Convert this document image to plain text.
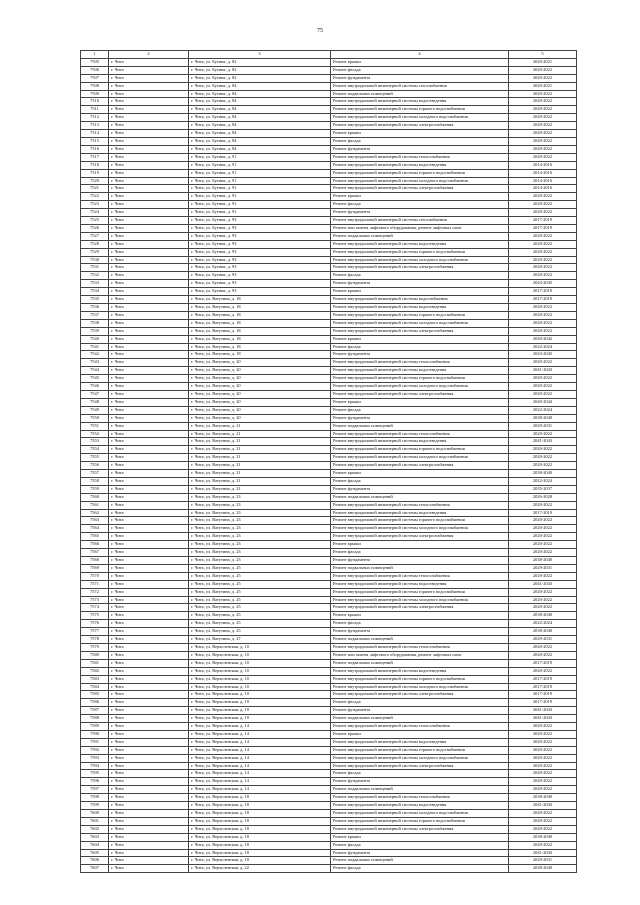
75
1	2	3	4	5
7505	г. Чита	г. Чита, ул. Бутина, д. 82	Ремонт крыши	2020-2021
7506	г. Чита	г. Чита, ул. Бутина, д. 82	Ремонт фасада	2020-2022
7507	г. Чита	г. Чита, ул. Бутина, д. 82	Ремонт фундамента	2020-2022
7508	г. Чита	г. Чита, ул. Бутина, д. 84	Ремонт внутридомовой инженерной системы газоснабжения	2020-2021
7509	г. Чита	г. Чита, ул. Бутина, д. 84	Ремонт подвальных помещений	2020-2022
7510	г. Чита	г. Чита, ул. Бутина, д. 84	Ремонт внутридомовой инженерной системы водоотведения	2020-2022
7511	г. Чита	г. Чита, ул. Бутина, д. 84	Ремонт внутридомовой инженерной системы горячего водоснабжения	2020-2022
7512	г. Чита	г. Чита, ул. Бутина, д. 84	Ремонт внутридомовой инженерной системы холодного водоснабжения	2020-2022
7513	г. Чита	г. Чита, ул. Бутина, д. 84	Ремонт внутридомовой инженерной системы электроснабжения	2020-2022
7514	г. Чита	г. Чита, ул. Бутина, д. 84	Ремонт крыши	2020-2022
7515	г. Чита	г. Чита, ул. Бутина, д. 84	Ремонт фасада	2020-2022
7516	г. Чита	г. Чита, ул. Бутина, д. 84	Ремонт фундамента	2020-2022
7517	г. Чита	г. Чита, ул. Бутина, д. 91	Ремонт внутридомовой инженерной системы теплоснабжения	2020-2022
7518	г. Чита	г. Чита, ул. Бутина, д. 91	Ремонт внутридомовой инженерной системы водоотведения	2014-2016
7519	г. Чита	г. Чита, ул. Бутина, д. 91	Ремонт внутридомовой инженерной системы горячего водоснабжения	2014-2016
7520	г. Чита	г. Чита, ул. Бутина, д. 91	Ремонт внутридомовой инженерной системы холодного водоснабжения	2014-2016
7521	г. Чита	г. Чита, ул. Бутина, д. 91	Ремонт внутридомовой инженерной системы электроснабжения	2014-2016
7522	г. Чита	г. Чита, ул. Бутина, д. 91	Ремонт крыши	2020-2022
7523	г. Чита	г. Чита, ул. Бутина, д. 91	Ремонт фасада	2020-2022
7524	г. Чита	г. Чита, ул. Бутина, д. 91	Ремонт фундамента	2020-2022
7525	г. Чита	г. Чита, ул. Бутина, д. 93	Ремонт внутридомовой инженерной системы газоснабжения	2017-2019
7526	г. Чита	г. Чита, ул. Бутина, д. 93	Ремонт или замена лифтового оборудования, ремонт лифтовых шахт	2017-2019
7527	г. Чита	г. Чита, ул. Бутина, д. 93	Ремонт подвальных помещений	2020-2022
7528	г. Чита	г. Чита, ул. Бутина, д. 93	Ремонт внутридомовой инженерной системы водоотведения	2020-2022
7529	г. Чита	г. Чита, ул. Бутина, д. 93	Ремонт внутридомовой инженерной системы горячего водоснабжения	2020-2022
7530	г. Чита	г. Чита, ул. Бутина, д. 93	Ремонт внутридомовой инженерной системы холодного водоснабжения	2020-2022
7531	г. Чита	г. Чита, ул. Бутина, д. 93	Ремонт внутридомовой инженерной системы электроснабжения	2020-2022
7532	г. Чита	г. Чита, ул. Бутина, д. 93	Ремонт фасада	2020-2022
7533	г. Чита	г. Чита, ул. Бутина, д. 93	Ремонт фундамента	2043-2045
7534	г. Чита	г. Чита, ул. Бутина, д. 93	Ремонт крыши	2017-2019
7535	г. Чита	г. Чита, ул. Ватутина, д. 18	Ремонт внутридомовой инженерной системы водоснабжения	2017-2019
7536	г. Чита	г. Чита, ул. Ватутина, д. 18	Ремонт внутридомовой инженерной системы водоотведения	2020-2022
7537	г. Чита	г. Чита, ул. Ватутина, д. 18	Ремонт внутридомовой инженерной системы горячего водоснабжения	2020-2022
7538	г. Чита	г. Чита, ул. Ватутина, д. 18	Ремонт внутридомовой инженерной системы холодного водоснабжения	2020-2022
7539	г. Чита	г. Чита, ул. Ватутина, д. 18	Ремонт внутридомовой инженерной системы электроснабжения	2020-2022
7540	г. Чита	г. Чита, ул. Ватутина, д. 18	Ремонт крыши	2040-2042
7541	г. Чита	г. Чита, ул. Ватутина, д. 18	Ремонт фасада	2022-2024
7542	г. Чита	г. Чита, ул. Ватутина, д. 18	Ремонт фундамента	2043-2045
7543	г. Чита	г. Чита, ул. Ватутина, д. 20	Ремонт внутридомовой инженерной системы теплоснабжения	2020-2022
7544	г. Чита	г. Чита, ул. Ватутина, д. 20	Ремонт внутридомовой инженерной системы водоотведения	2041-2043
7545	г. Чита	г. Чита, ул. Ватутина, д. 20	Ремонт внутридомовой инженерной системы горячего водоснабжения	2020-2022
7546	г. Чита	г. Чита, ул. Ватутина, д. 20	Ремонт внутридомовой инженерной системы холодного водоснабжения	2020-2022
7547	г. Чита	г. Чита, ул. Ватутина, д. 20	Ремонт внутридомовой инженерной системы электроснабжения	2020-2022
7548	г. Чита	г. Чита, ул. Ватутина, д. 20	Ремонт крыши	2040-2044
7549	г. Чита	г. Чита, ул. Ватутина, д. 20	Ремонт фасада	2022-2024
7550	г. Чита	г. Чита, ул. Ватутина, д. 20	Ремонт фундамента	2038-2040
7551	г. Чита	г. Чита, ул. Ватутина, д. 21	Ремонт подвальных помещений	2029-2031
7552	г. Чита	г. Чита, ул. Ватутина, д. 21	Ремонт внутридомовой инженерной системы теплоснабжения	2020-2022
7553	г. Чита	г. Чита, ул. Ватутина, д. 21	Ремонт внутридомовой инженерной системы водоотведения	2041-2043
7554	г. Чита	г. Чита, ул. Ватутина, д. 21	Ремонт внутридомовой инженерной системы горячего водоснабжения	2020-2022
7555	г. Чита	г. Чита, ул. Ватутина, д. 21	Ремонт внутридомовой инженерной системы холодного водоснабжения	2020-2022
7556	г. Чита	г. Чита, ул. Ватутина, д. 21	Ремонт внутридомовой инженерной системы электроснабжения	2020-2022
7557	г. Чита	г. Чита, ул. Ватутина, д. 21	Ремонт крыши	2038-2040
7558	г. Чита	г. Чита, ул. Ватутина, д. 21	Ремонт фасада	2022-2024
7559	г. Чита	г. Чита, ул. Ватутина, д. 21	Ремонт фундамента	2035-2037
7560	г. Чита	г. Чита, ул. Ватутина, д. 23	Ремонт подвальных помещений	2026-2028
7561	г. Чита	г. Чита, ул. Ватутина, д. 23	Ремонт внутридомовой инженерной системы теплоснабжения	2020-2022
7562	г. Чита	г. Чита, ул. Ватутина, д. 23	Ремонт внутридомовой инженерной системы водоотведения	2017-2019
7563	г. Чита	г. Чита, ул. Ватутина, д. 23	Ремонт внутридомовой инженерной системы горячего водоснабжения	2020-2022
7564	г. Чита	г. Чита, ул. Ватутина, д. 23	Ремонт внутридомовой инженерной системы холодного водоснабжения	2020-2022
7565	г. Чита	г. Чита, ул. Ватутина, д. 23	Ремонт внутридомовой инженерной системы электроснабжения	2020-2022
7566	г. Чита	г. Чита, ул. Ватутина, д. 23	Ремонт крыши	2020-2022
7567	г. Чита	г. Чита, ул. Ватутина, д. 23	Ремонт фасада	2020-2022
7568	г. Чита	г. Чита, ул. Ватутина, д. 23	Ремонт фундамента	2038-2040
7569	г. Чита	г. Чита, ул. Ватутина, д. 25	Ремонт подвальных помещений	2029-2031
7570	г. Чита	г. Чита, ул. Ватутина, д. 25	Ремонт внутридомовой инженерной системы теплоснабжения	2020-2022
7571	г. Чита	г. Чита, ул. Ватутина, д. 25	Ремонт внутридомовой инженерной системы водоотведения	2041-2043
7572	г. Чита	г. Чита, ул. Ватутина, д. 25	Ремонт внутридомовой инженерной системы горячего водоснабжения	2020-2022
7573	г. Чита	г. Чита, ул. Ватутина, д. 25	Ремонт внутридомовой инженерной системы холодного водоснабжения	2020-2022
7574	г. Чита	г. Чита, ул. Ватутина, д. 25	Ремонт внутридомовой инженерной системы электроснабжения	2020-2022
7575	г. Чита	г. Чита, ул. Ватутина, д. 25	Ремонт крыши	2038-2040
7576	г. Чита	г. Чита, ул. Ватутина, д. 25	Ремонт фасада	2022-2024
7577	г. Чита	г. Чита, ул. Ватутина, д. 25	Ремонт фундамента	2038-2040
7578	г. Чита	г. Чита, ул. Ватутина, д. 27	Ремонт подвальных помещений	2029-2031
7579	г. Чита	г. Чита, ул. Верхоленская, д. 10	Ремонт внутридомовой инженерной системы теплоснабжения	2020-2022
7580	г. Чита	г. Чита, ул. Верхоленская, д. 10	Ремонт или замена лифтового оборудования, ремонт лифтовых шахт	2020-2022
7581	г. Чита	г. Чита, ул. Верхоленская, д. 10	Ремонт подвальных помещений	2017-2019
7582	г. Чита	г. Чита, ул. Верхоленская, д. 10	Ремонт внутридомовой инженерной системы водоотведения	2020-2022
7583	г. Чита	г. Чита, ул. Верхоленская, д. 10	Ремонт внутридомовой инженерной системы горячего водоснабжения	2017-2019
7584	г. Чита	г. Чита, ул. Верхоленская, д. 10	Ремонт внутридомовой инженерной системы холодного водоснабжения	2017-2019
7585	г. Чита	г. Чита, ул. Верхоленская, д. 10	Ремонт внутридомовой инженерной системы электроснабжения	2017-2019
7586	г. Чита	г. Чита, ул. Верхоленская, д. 10	Ремонт фасада	2017-2019
7587	г. Чита	г. Чита, ул. Верхоленская, д. 10	Ремонт фундамента	2041-2043
7588	г. Чита	г. Чита, ул. Верхоленская, д. 10	Ремонт подвальных помещений	2041-2043
7589	г. Чита	г. Чита, ул. Верхоленская, д. 14	Ремонт внутридомовой инженерной системы теплоснабжения	2020-2022
7590	г. Чита	г. Чита, ул. Верхоленская, д. 14	Ремонт крыши	2020-2022
7591	г. Чита	г. Чита, ул. Верхоленская, д. 14	Ремонт внутридомовой инженерной системы водоотведения	2020-2022
7592	г. Чита	г. Чита, ул. Верхоленская, д. 14	Ремонт внутридомовой инженерной системы горячего водоснабжения	2020-2022
7593	г. Чита	г. Чита, ул. Верхоленская, д. 14	Ремонт внутридомовой инженерной системы холодного водоснабжения	2020-2022
7594	г. Чита	г. Чита, ул. Верхоленская, д. 14	Ремонт внутридомовой инженерной системы электроснабжения	2020-2022
7595	г. Чита	г. Чита, ул. Верхоленская, д. 14	Ремонт фасада	2020-2022
7596	г. Чита	г. Чита, ул. Верхоленская, д. 14	Ремонт фундамента	2020-2022
7597	г. Чита	г. Чита, ул. Верхоленская, д. 14	Ремонт подвальных помещений	2020-2022
7598	г. Чита	г. Чита, ул. Верхоленская, д. 18	Ремонт внутридомовой инженерной системы теплоснабжения	2038-2040
7599	г. Чита	г. Чита, ул. Верхоленская, д. 18	Ремонт внутридомовой инженерной системы водоотведения	2041-2043
7600	г. Чита	г. Чита, ул. Верхоленская, д. 18	Ремонт внутридомовой инженерной системы холодного водоснабжения	2020-2022
7601	г. Чита	г. Чита, ул. Верхоленская, д. 18	Ремонт внутридомовой инженерной системы горячего водоснабжения	2020-2022
7602	г. Чита	г. Чита, ул. Верхоленская, д. 18	Ремонт внутридомовой инженерной системы электроснабжения	2020-2022
7603	г. Чита	г. Чита, ул. Верхоленская, д. 18	Ремонт крыши	2038-2040
7604	г. Чита	г. Чита, ул. Верхоленская, д. 18	Ремонт фасада	2020-2022
7605	г. Чита	г. Чита, ул. Верхоленская, д. 18	Ремонт фундамента	2041-2043
7606	г. Чита	г. Чита, ул. Верхоленская, д. 18	Ремонт подвальных помещений	2029-2031
7607	г. Чита	г. Чита, ул. Верхоленская, д. 22	Ремонт фасада	2038-2040
